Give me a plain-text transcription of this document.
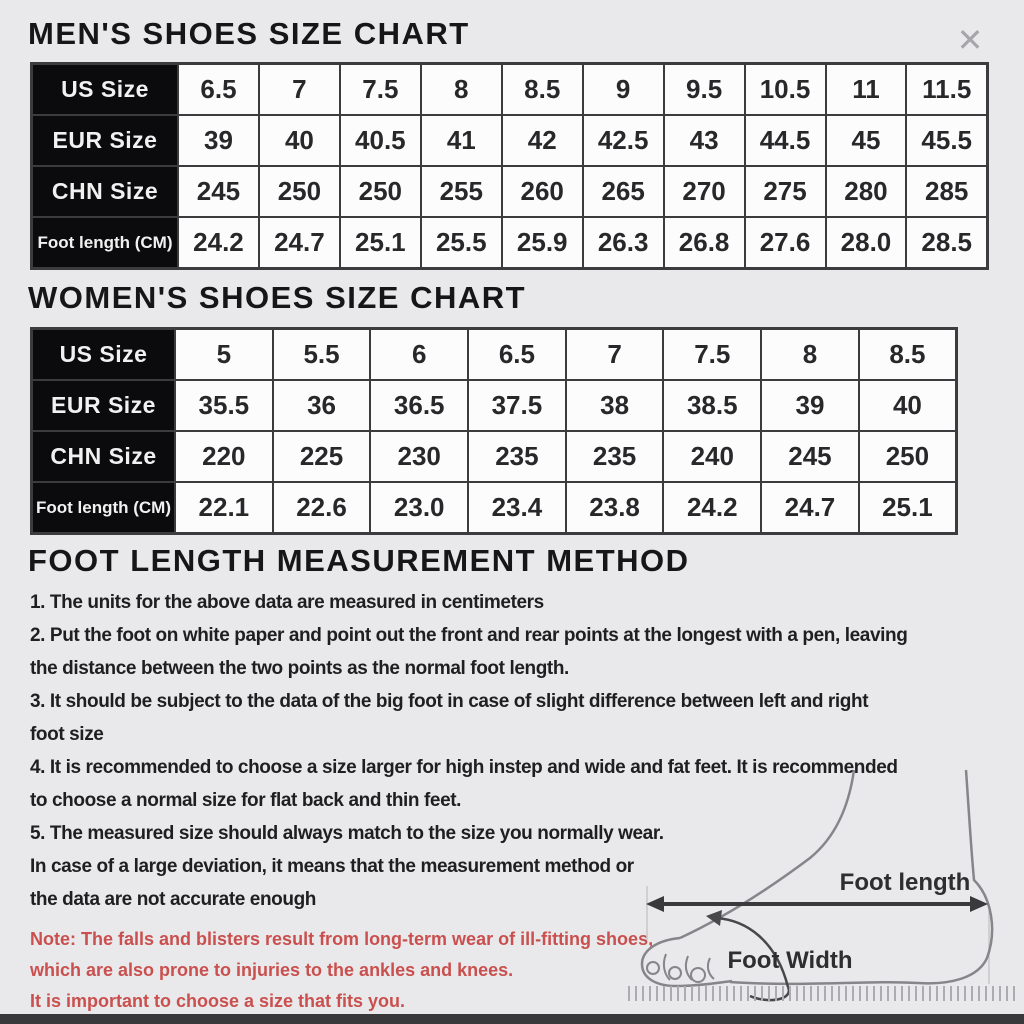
✕
MEN'S SHOES SIZE CHART
US Size	6.5	7	7.5	8	8.5	9	9.5	10.5	11	11.5
EUR Size	39	40	40.5	41	42	42.5	43	44.5	45	45.5
CHN Size	245	250	250	255	260	265	270	275	280	285
Foot length (CM)	24.2	24.7	25.1	25.5	25.9	26.3	26.8	27.6	28.0	28.5
WOMEN'S SHOES SIZE CHART
US Size	5	5.5	6	6.5	7	7.5	8	8.5
EUR Size	35.5	36	36.5	37.5	38	38.5	39	40
CHN Size	220	225	230	235	235	240	245	250
Foot length (CM)	22.1	22.6	23.0	23.4	23.8	24.2	24.7	25.1
FOOT LENGTH MEASUREMENT METHOD
1. The units for the above data are measured in centimeters
2. Put the foot on white paper and point out the front and rear points at the longest with a pen, leaving
the distance between the two points as the normal foot length.
3. It should be subject to the data of the big foot in case of slight difference between left and right
foot size
4. It is recommended to choose a size larger for high instep and wide and fat feet. It is recommended
to choose a normal size for flat back and thin feet.
5. The measured size should always match to the size you normally wear.
In case of a large deviation, it means that the measurement method or
the data are not accurate enough
Note: The falls and blisters result from long-term wear of ill-fitting shoes,
which are also prone to injuries to the ankles and knees.
It is important to choose a size that fits you.
Foot length
Foot Width
